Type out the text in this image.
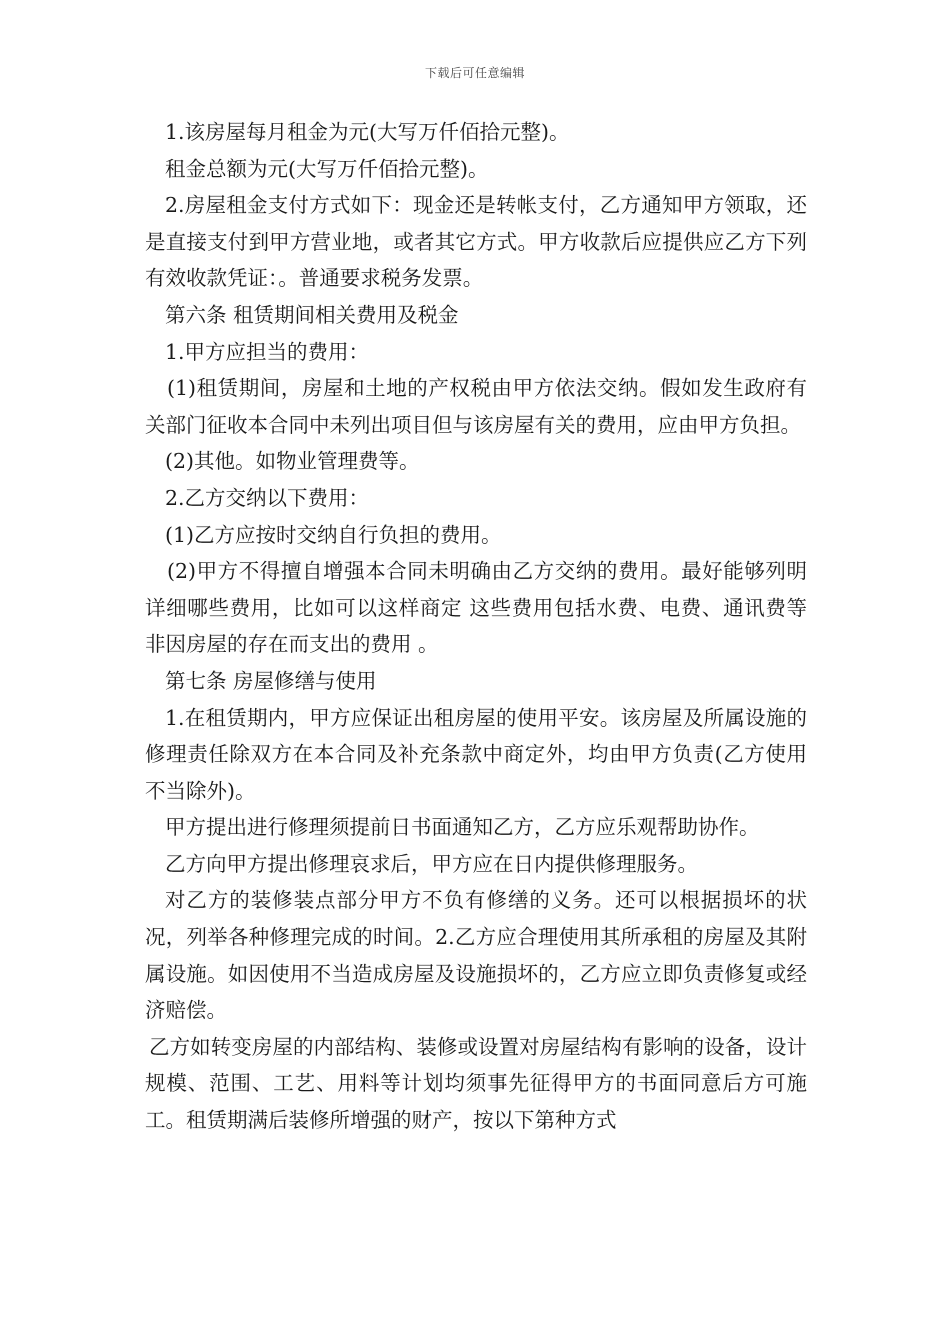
下载后可任意编辑

1.该房屋每月租金为元(大写万仟佰拾元整)。

租金总额为元(大写万仟佰拾元整)。

2.房屋租金支付方式如下：现金还是转帐支付，乙方通知甲方领取，还是直接支付到甲方营业地，或者其它方式。甲方收款后应提供应乙方下列有效收款凭证：。普通要求税务发票。

第六条 租赁期间相关费用及税金

1.甲方应担当的费用：

(1)租赁期间，房屋和土地的产权税由甲方依法交纳。假如发生政府有关部门征收本合同中未列出项目但与该房屋有关的费用，应由甲方负担。

(2)其他。如物业管理费等。

2.乙方交纳以下费用：

(1)乙方应按时交纳自行负担的费用。

(2)甲方不得擅自增强本合同未明确由乙方交纳的费用。最好能够列明详细哪些费用，比如可以这样商定 这些费用包括水费、电费、通讯费等非因房屋的存在而支出的费用 。

第七条 房屋修缮与使用

1.在租赁期内，甲方应保证出租房屋的使用平安。该房屋及所属设施的修理责任除双方在本合同及补充条款中商定外，均由甲方负责(乙方使用不当除外)。

甲方提出进行修理须提前日书面通知乙方，乙方应乐观帮助协作。

乙方向甲方提出修理哀求后，甲方应在日内提供修理服务。

对乙方的装修装点部分甲方不负有修缮的义务。还可以根据损坏的状况，列举各种修理完成的时间。2.乙方应合理使用其所承租的房屋及其附属设施。如因使用不当造成房屋及设施损坏的，乙方应立即负责修复或经济赔偿。

乙方如转变房屋的内部结构、装修或设置对房屋结构有影响的设备，设计规模、范围、工艺、用料等计划均须事先征得甲方的书面同意后方可施工。租赁期满后装修所增强的财产，按以下第种方式
